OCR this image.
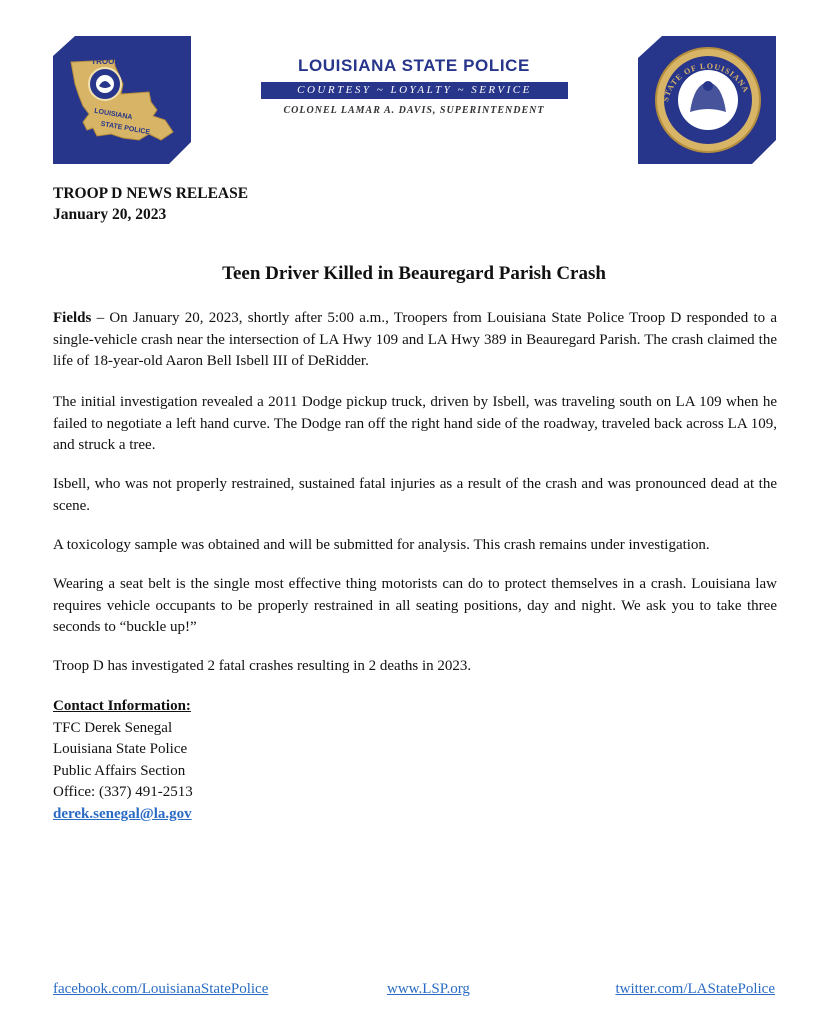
TROOPER
LOUISIANA
STATE POLICE
LOUISIANA STATE POLICE
COURTESY ~ LOYALTY ~ SERVICE
COLONEL LAMAR A. DAVIS, SUPERINTENDENT
STATE OF LOUISIANA
TROOP D NEWS RELEASE
January 20, 2023
Teen Driver Killed in Beauregard Parish Crash
Fields – On January 20, 2023, shortly after 5:00 a.m., Troopers from Louisiana State Police Troop D responded to a single-vehicle crash near the intersection of LA Hwy 109 and LA Hwy 389 in Beauregard Parish. The crash claimed the life of 18-year-old Aaron Bell Isbell III of DeRidder.
The initial investigation revealed a 2011 Dodge pickup truck, driven by Isbell, was traveling south on LA 109 when he failed to negotiate a left hand curve. The Dodge ran off the right hand side of the roadway, traveled back across LA 109, and struck a tree.
Isbell, who was not properly restrained, sustained fatal injuries as a result of the crash and was pronounced dead at the scene.
A toxicology sample was obtained and will be submitted for analysis. This crash remains under investigation.
Wearing a seat belt is the single most effective thing motorists can do to protect themselves in a crash. Louisiana law requires vehicle occupants to be properly restrained in all seating positions, day and night. We ask you to take three seconds to “buckle up!”
Troop D has investigated 2 fatal crashes resulting in 2 deaths in 2023.
Contact Information:
TFC Derek Senegal
Louisiana State Police
Public Affairs Section
Office: (337) 491-2513
derek.senegal@la.gov
facebook.com/LouisianaStatePolice	www.LSP.org	twitter.com/LAStatePolice
